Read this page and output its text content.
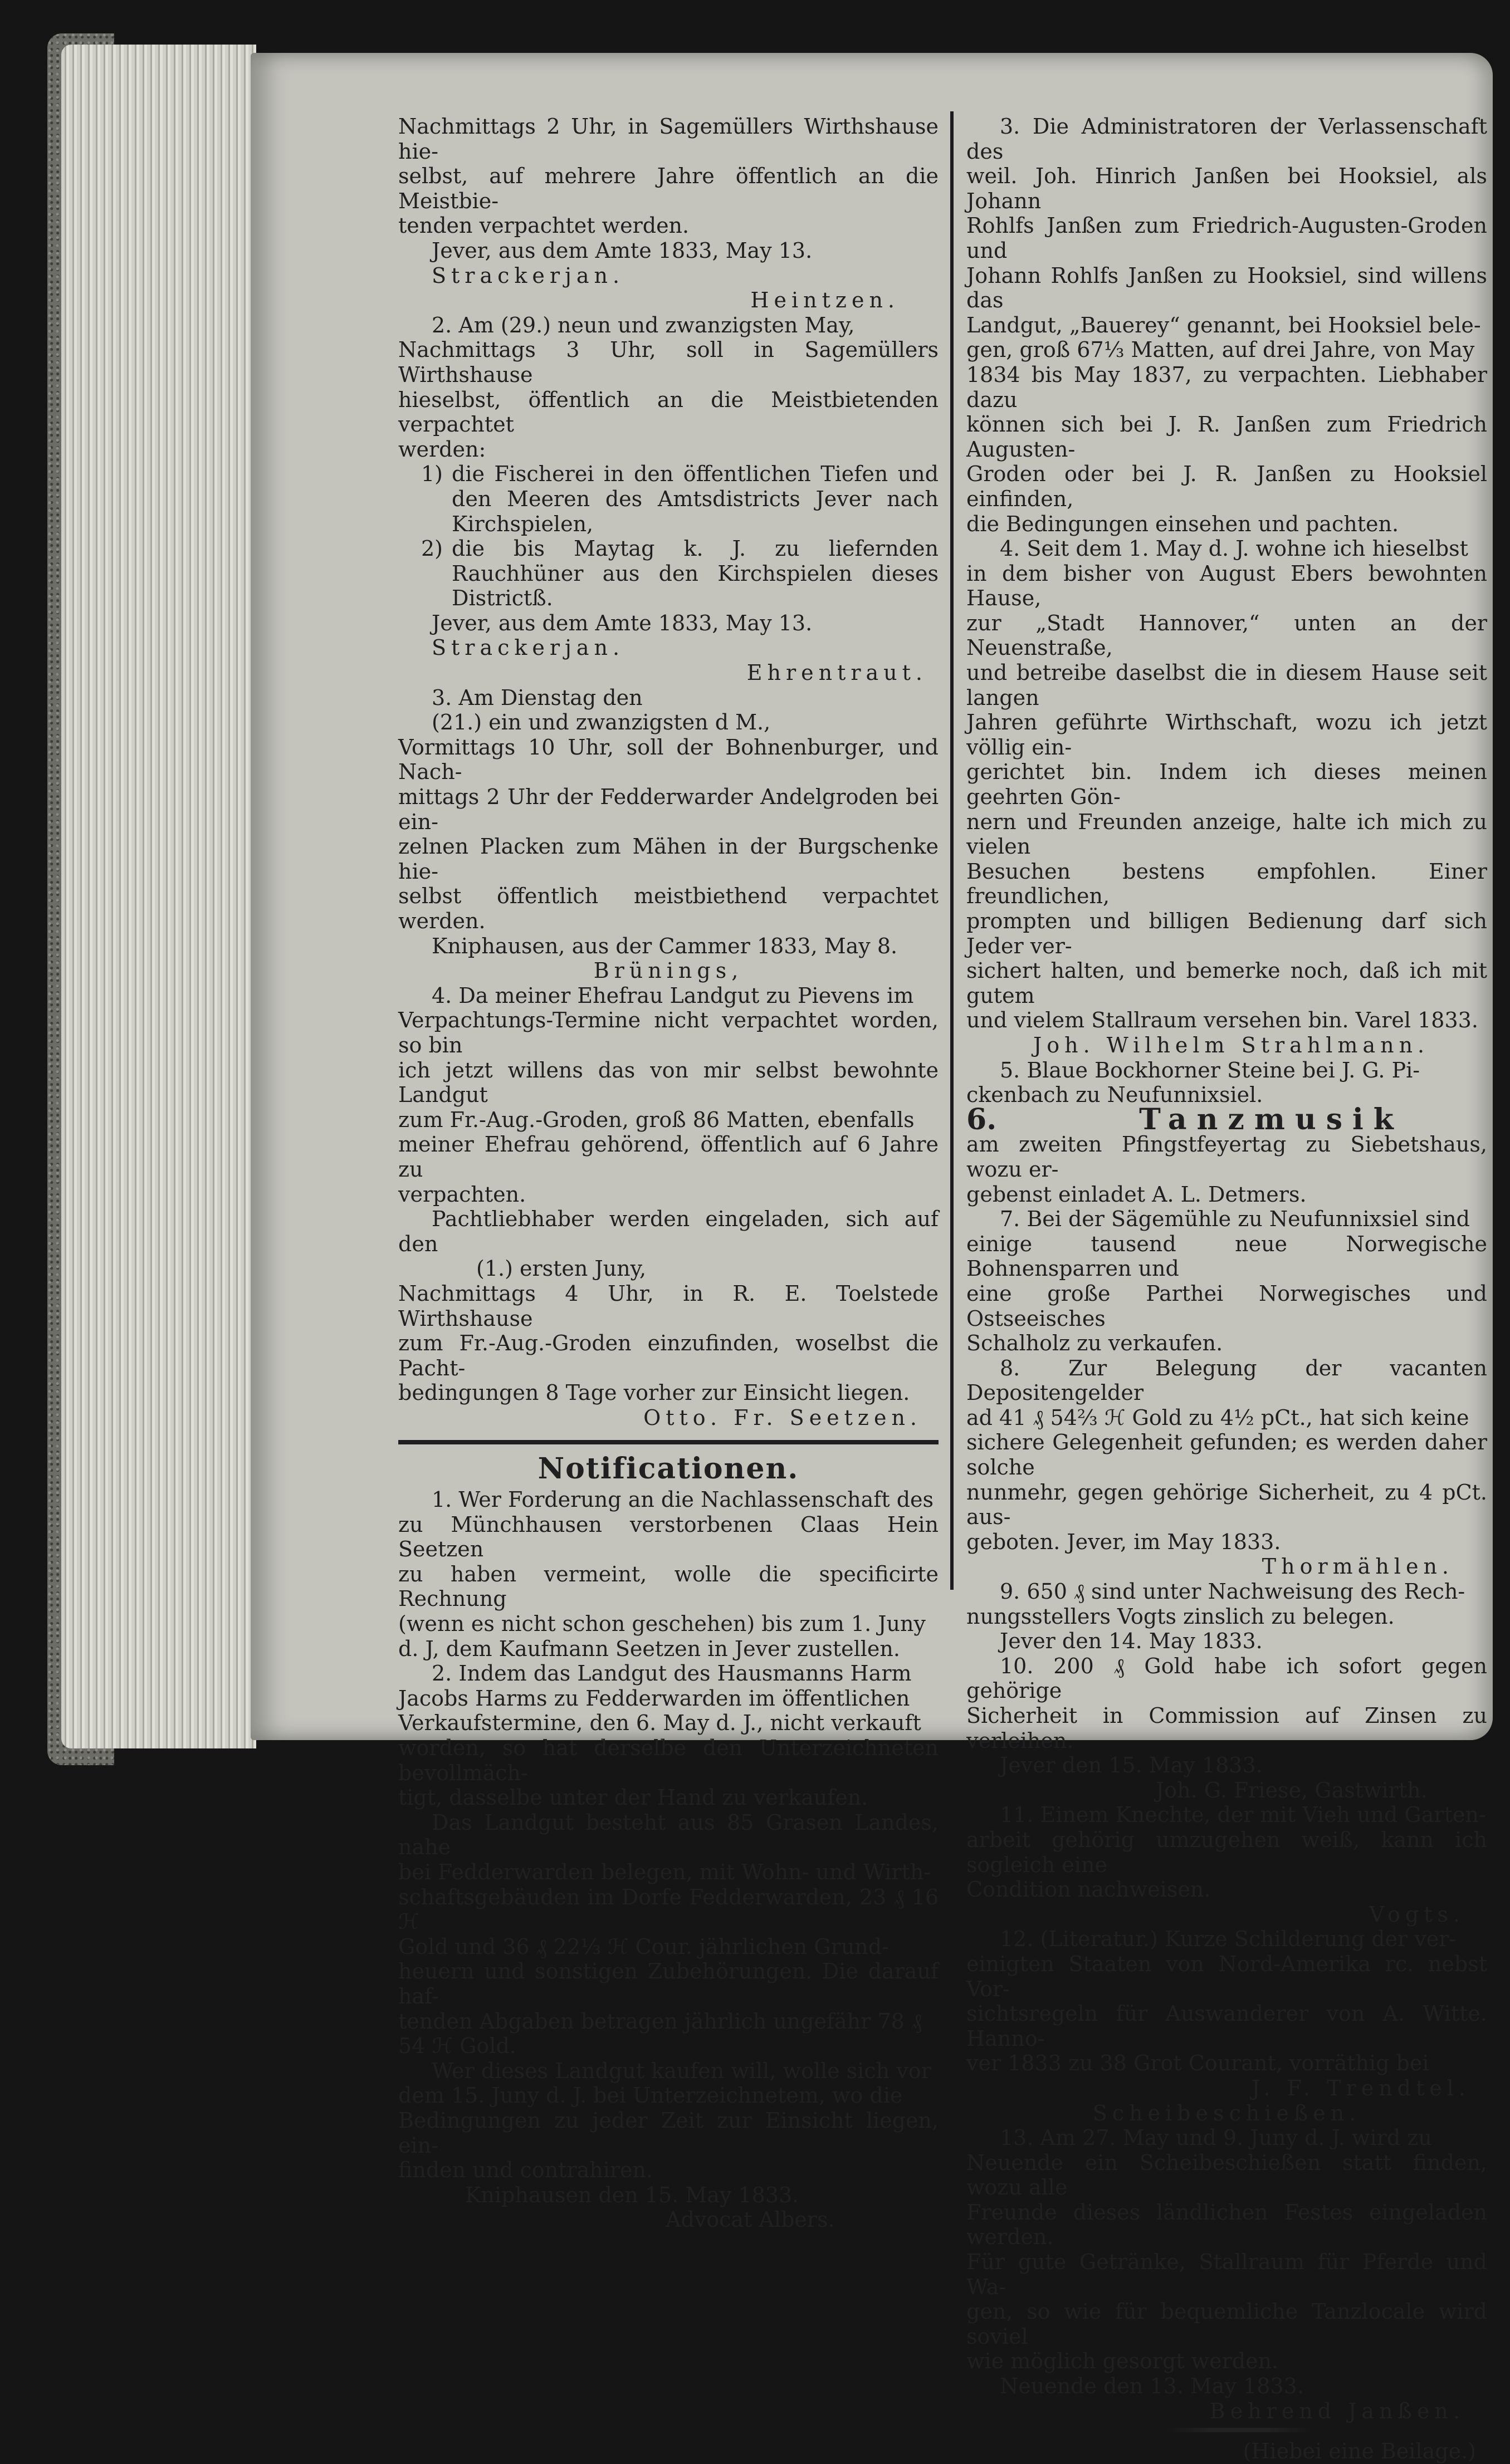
Nachmittags 2 Uhr, in Sagemüllers Wirthshause hie-

selbst, auf mehrere Jahre öffentlich an die Meistbie-

tenden verpachtet werden.

Jever, aus dem Amte 1833, May 13.

Strackerjan.

Heintzen.

2. Am (29.) neun und zwanzigsten May,

Nachmittags 3 Uhr, soll in Sagemüllers Wirthshause

hieselbst, öffentlich an die Meistbietenden verpachtet

werden:

1) die Fischerei in den öffentlichen Tiefen und den Meeren des Amtsdistricts Jever nach Kirchspielen,
2) die bis Maytag k. J. zu liefernden Rauchhüner aus den Kirchspielen dieses Districtß.

Jever, aus dem Amte 1833, May 13.

Strackerjan.

Ehrentraut.

3. Am Dienstag den

(21.) ein und zwanzigsten d M.,

Vormittags 10 Uhr, soll der Bohnenburger, und Nach-

mittags 2 Uhr der Fedderwarder Andelgroden bei ein-

zelnen Placken zum Mähen in der Burgschenke hie-

selbst öffentlich meistbiethend verpachtet werden.

Kniphausen, aus der Cammer 1833, May 8.

Brünings,

4. Da meiner Ehefrau Landgut zu Pievens im

Verpachtungs-Termine nicht verpachtet worden, so bin

ich jetzt willens das von mir selbst bewohnte Landgut

zum Fr.-Aug.-Groden, groß 86 Matten, ebenfalls

meiner Ehefrau gehörend, öffentlich auf 6 Jahre zu

verpachten.

Pachtliebhaber werden eingeladen, sich auf den

(1.) ersten Juny,

Nachmittags 4 Uhr, in R. E. Toelstede Wirthshause

zum Fr.-Aug.-Groden einzufinden, woselbst die Pacht-

bedingungen 8 Tage vorher zur Einsicht liegen.

Otto. Fr. Seetzen.

Notificationen.

1. Wer Forderung an die Nachlassenschaft des

zu Münchhausen verstorbenen Claas Hein Seetzen

zu haben vermeint, wolle die specificirte Rechnung

(wenn es nicht schon geschehen) bis zum 1. Juny

d. J, dem Kaufmann Seetzen in Jever zustellen.

2. Indem das Landgut des Hausmanns Harm

Jacobs Harms zu Fedderwarden im öffentlichen

Verkaufstermine, den 6. May d. J., nicht verkauft

worden, so hat derselbe den Unterzeichneten bevollmäch-

tigt, dasselbe unter der Hand zu verkaufen.

Das Landgut besteht aus 85 Grasen Landes, nahe

bei Fedderwarden belegen, mit Wohn- und Wirth-

schaftsgebäuden im Dorfe Fedderwarden, 23 ₰ 16 ℋ

Gold und 36 ₰ 22⅓ ℋ Cour. jährlichen Grund-

heuern und sonstigen Zubehörungen. Die darauf haf-

tenden Abgaben betragen jährlich ungefähr 78 ₰

54 ℋ Gold.

Wer dieses Landgut kaufen will, wolle sich vor

dem 15. Juny d. J. bei Unterzeichnetem, wo die

Bedingungen zu jeder Zeit zur Einsicht liegen, ein-

finden und contrahiren.

Kniphausen den 15. May 1833.

Advocat Albers.

3. Die Administratoren der Verlassenschaft des

weil. Joh. Hinrich Janßen bei Hooksiel, als Johann

Rohlfs Janßen zum Friedrich-Augusten-Groden und

Johann Rohlfs Janßen zu Hooksiel, sind willens das

Landgut, „Bauerey“ genannt, bei Hooksiel bele-

gen, groß 67⅓ Matten, auf drei Jahre, von May

1834 bis May 1837, zu verpachten. Liebhaber dazu

können sich bei J. R. Janßen zum Friedrich Augusten-

Groden oder bei J. R. Janßen zu Hooksiel einfinden,

die Bedingungen einsehen und pachten.

4. Seit dem 1. May d. J. wohne ich hieselbst

in dem bisher von August Ebers bewohnten Hause,

zur „Stadt Hannover,“ unten an der Neuenstraße,

und betreibe daselbst die in diesem Hause seit langen

Jahren geführte Wirthschaft, wozu ich jetzt völlig ein-

gerichtet bin. Indem ich dieses meinen geehrten Gön-

nern und Freunden anzeige, halte ich mich zu vielen

Besuchen bestens empfohlen. Einer freundlichen,

prompten und billigen Bedienung darf sich Jeder ver-

sichert halten, und bemerke noch, daß ich mit gutem

und vielem Stallraum versehen bin. Varel 1833.

Joh. Wilhelm Strahlmann.

5. Blaue Bockhorner Steine bei J. G. Pi-

ckenbach zu Neufunnixsiel.

6.	Tanzmusik

am zweiten Pfingstfeyertag zu Siebetshaus, wozu er-

gebenst einladet A. L. Detmers.

7. Bei der Sägemühle zu Neufunnixsiel sind

einige tausend neue Norwegische Bohnensparren und

eine große Parthei Norwegisches und Ostseeisches

Schalholz zu verkaufen.

8. Zur Belegung der vacanten Depositengelder

ad 41 ₰ 54⅔ ℋ Gold zu 4½ pCt., hat sich keine

sichere Gelegenheit gefunden; es werden daher solche

nunmehr, gegen gehörige Sicherheit, zu 4 pCt. aus-

geboten. Jever, im May 1833.

Thormählen.

9. 650 ₰ sind unter Nachweisung des Rech-

nungsstellers Vogts zinslich zu belegen.

Jever den 14. May 1833.

10. 200 ₰ Gold habe ich sofort gegen gehörige

Sicherheit in Commission auf Zinsen zu verleihen.

Jever den 15. May 1833.

Joh. G. Friese, Gastwirth.

11. Einem Knechte, der mit Vieh und Garten-

arbeit gehörig umzugehen weiß, kann ich sogleich eine

Condition nachweisen.

Vogts.

12. (Literatur.) Kurze Schilderung der ver-

einigten Staaten von Nord-Amerika rc. nebst Vor-

sichtsregeln für Auswanderer von A. Witte. Hanno-

ver 1833 zu 38 Grot Courant, vorräthig bei

J. F. Trendtel.

Scheibeschießen.

13. Am 27. May und 9. Juny d. J. wird zu

Neuende ein Scheibeschießen statt finden, wozu alle

Freunde dieses ländlichen Festes eingeladen werden.

Für gute Getränke, Stallraum für Pferde und Wa-

gen, so wie für bequemliche Tanzlocale wird soviel

wie möglich gesorgt werden.

Neuende den 13. May 1833.

Behrend Janßen.

(Hiebei eine Beilage.)
